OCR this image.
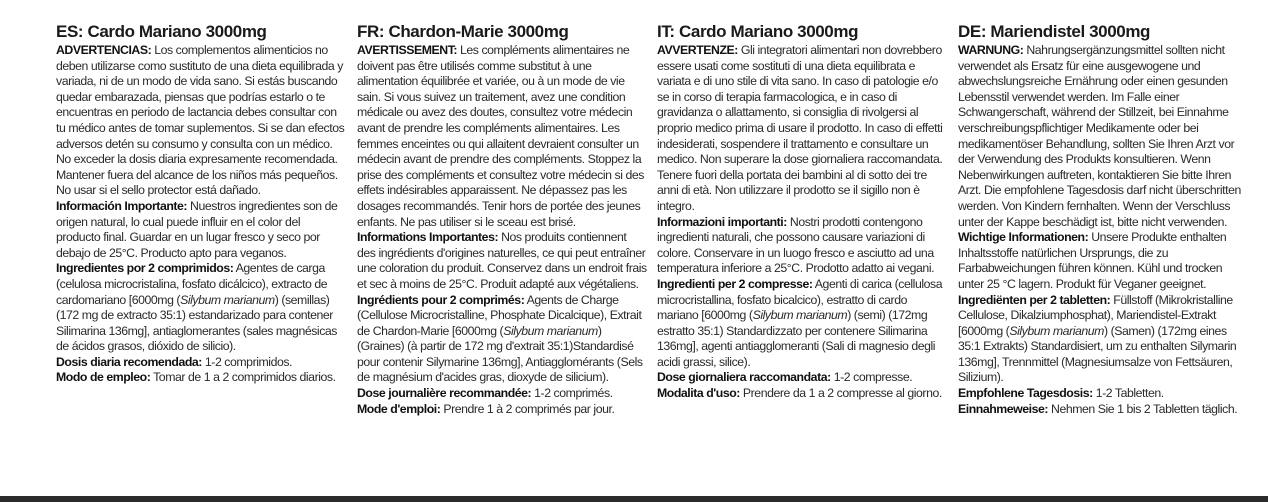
ES: Cardo Mariano 3000mg

ADVERTENCIAS: Los complementos alimenticios no deben utilizarse como sustituto de una dieta equilibrada y variada, ni de un modo de vida sano. Si estás buscando quedar embarazada, piensas que podrías estarlo o te encuentras en periodo de lactancia debes consultar con tu médico antes de tomar suplementos. Si se dan efectos adversos detén su consumo y consulta con un médico. No exceder la dosis diaria expresamente recomendada. Mantener fuera del alcance de los niños más pequeños. No usar si el sello protector está dañado.

Información Importante: Nuestros ingredientes son de origen natural, lo cual puede influir en el color del producto final. Guardar en un lugar fresco y seco por debajo de 25°C. Producto apto para veganos.

Ingredientes por 2 comprimidos: Agentes de carga (celulosa microcristalina, fosfato dicálcico), extracto de cardomariano [6000mg (Silybum marianum) (semillas)(172 mg de extracto 35:1) estandarizado para contener Silimarina 136mg], antiaglomerantes (sales magnésicas de ácidos grasos, dióxido de silicio).

Dosis diaria recomendada: 1-2 comprimidos.

Modo de empleo: Tomar de 1 a 2 comprimidos diarios.

FR: Chardon-Marie 3000mg

AVERTISSEMENT: Les compléments alimentaires ne doivent pas être utilisés comme substitut à une alimentation équilibrée et variée, ou à un mode de vie sain. Si vous suivez un traitement, avez une condition médicale ou avez des doutes, consultez votre médecin avant de prendre les compléments alimentaires. Les femmes enceintes ou qui allaitent devraient consulter un médecin avant de prendre des compléments. Stoppez la prise des compléments et consultez votre médecin si des effets indésirables apparaissent. Ne dépassez pas les dosages recommandés. Tenir hors de portée des jeunes enfants. Ne pas utiliser si le sceau est brisé.

Informations Importantes: Nos produits contiennent des ingrédients d'origines naturelles, ce qui peut entraîner une coloration du produit. Conservez dans un endroit frais et sec à moins de 25°C. Produit adapté aux végétaliens.

Ingrédients pour 2 comprimés: Agents de Charge (Cellulose Microcristalline, Phosphate Dicalcique), Extrait de Chardon-Marie [6000mg (Silybum marianum) (Graines) (à partir de 172 mg d'extrait 35:1)Standardisé pour contenir Silymarine 136mg], Antiagglomérants (Sels de magnésium d'acides gras, dioxyde de silicium).

Dose journalière recommandée: 1-2 comprimés.

Mode d'emploi: Prendre 1 à 2 comprimés par jour.

IT: Cardo Mariano 3000mg

AVVERTENZE: Gli integratori alimentari non dovrebbero essere usati come sostituti di una dieta equilibrata e variata e di uno stile di vita sano. In caso di patologie e/o se in corso di terapia farmacologica, e in caso di gravidanza o allattamento, si consiglia di rivolgersi al proprio medico prima di usare il prodotto. In caso di effetti indesiderati, sospendere il trattamento e consultare un medico. Non superare la dose giornaliera raccomandata. Tenere fuori della portata dei bambini al di sotto dei tre anni di età. Non utilizzare il prodotto se il sigillo non è integro.

Informazioni importanti: Nostri prodotti contengono ingredienti naturali, che possono causare variazioni di colore. Conservare in un luogo fresco e asciutto ad una temperatura inferiore a 25°C. Prodotto adatto ai vegani.

Ingredienti per 2 compresse: Agenti di carica (cellulosa microcristallina, fosfato bicalcico), estratto di cardo mariano [6000mg (Silybum marianum) (semi) (172mg estratto 35:1) Standardizzato per contenere Silimarina 136mg], agenti antiagglomeranti (Sali di magnesio degli acidi grassi, silice).

Dose giornaliera raccomandata: 1-2 compresse.

Modalita d'uso: Prendere da 1 a 2 compresse al giorno.

DE: Mariendistel 3000mg

WARNUNG: Nahrungsergänzungsmittel sollten nicht verwendet als Ersatz für eine ausgewogene und abwechslungsreiche Ernährung oder einen gesunden Lebensstil verwendet werden. Im Falle einer Schwangerschaft, während der Stillzeit, bei Einnahme verschreibungspflichtiger Medikamente oder bei medikamentöser Behandlung, sollten Sie Ihren Arzt vor der Verwendung des Produkts konsultieren. Wenn Nebenwirkungen auftreten, kontaktieren Sie bitte Ihren Arzt. Die empfohlene Tagesdosis darf nicht überschritten werden. Von Kindern fernhalten. Wenn der Verschluss unter der Kappe beschädigt ist, bitte nicht verwenden.

Wichtige Informationen: Unsere Produkte enthalten Inhaltsstoffe natürlichen Ursprungs, die zu Farbabweichungen führen können. Kühl und trocken unter 25 °C lagern. Produkt für Veganer geeignet.

Ingrediënten per 2 tabletten: Füllstoff (Mikrokristalline Cellulose, Dikalziumphosphat), Mariendistel-Extrakt [6000mg (Silybum marianum) (Samen) (172mg eines 35:1 Extrakts) Standardisiert, um zu enthalten Silymarin 136mg], Trennmittel (Magnesiumsalze von Fettsäuren, Silizium).

Empfohlene Tagesdosis: 1-2 Tabletten.

Einnahmeweise: Nehmen Sie 1 bis 2 Tabletten täglich.
